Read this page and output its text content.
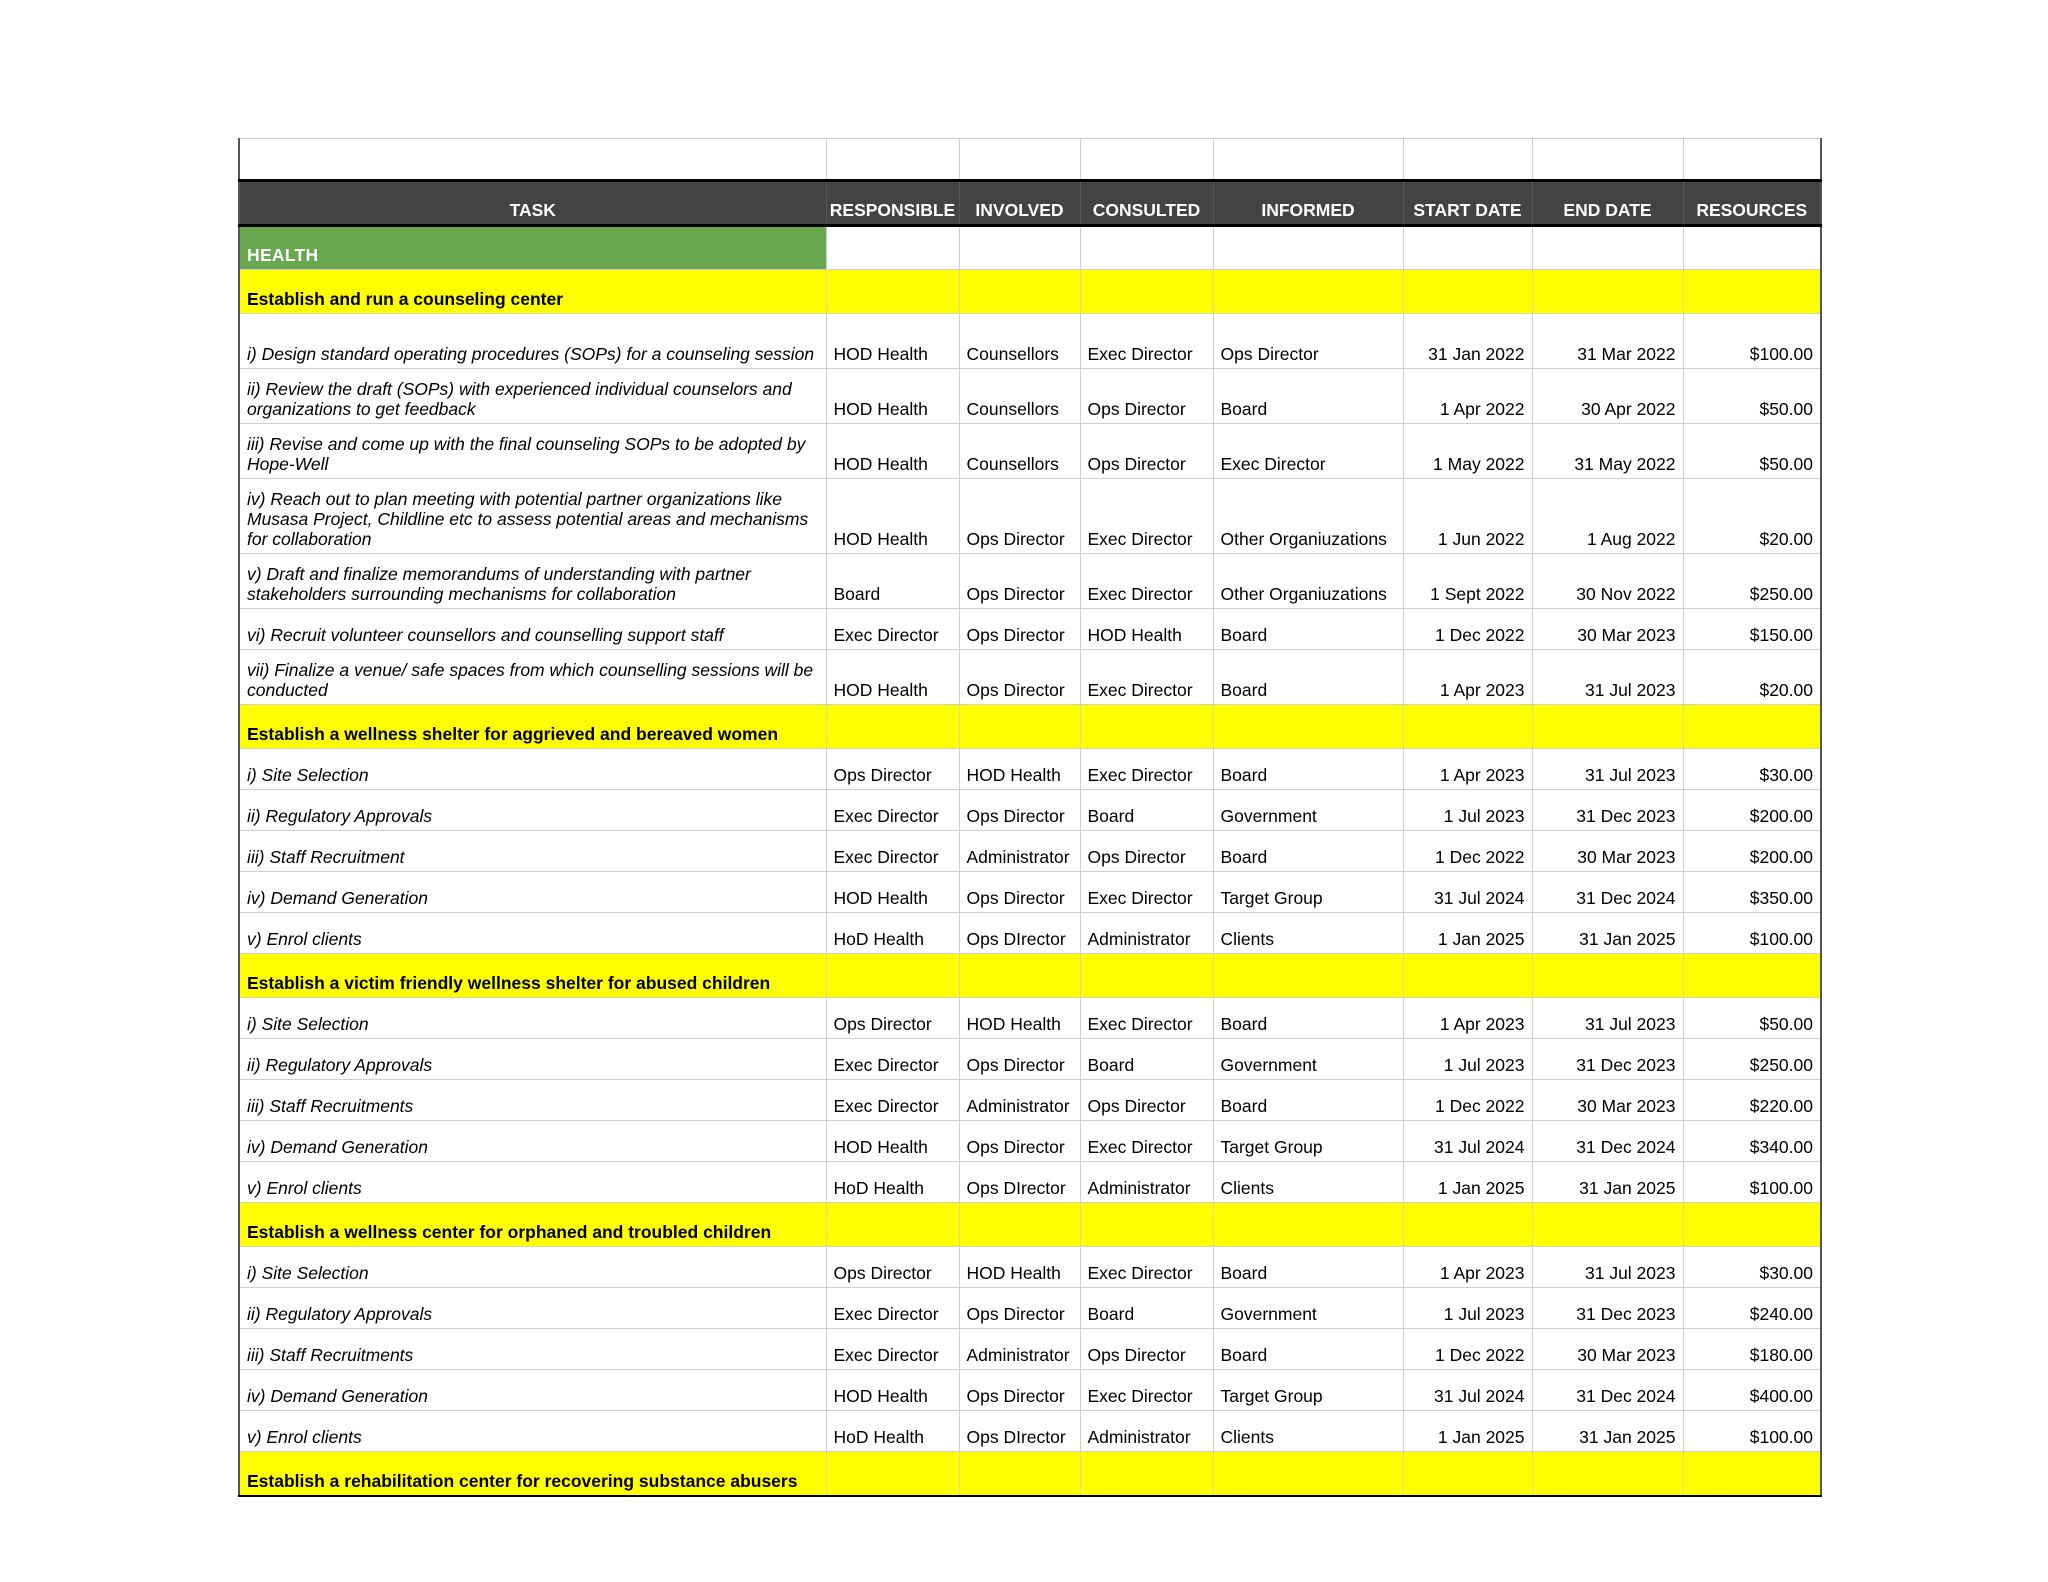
TASK	RESPONSIBLE	INVOLVED	CONSULTED	INFORMED	START DATE	END DATE	RESOURCES
HEALTH							
Establish and run a counseling center							
i) Design standard operating procedures (SOPs) for a counseling session	HOD Health	Counsellors	Exec Director	Ops Director	31 Jan 2022	31 Mar 2022	$100.00
ii) Review the draft (SOPs) with experienced individual counselors and organizations to get feedback	HOD Health	Counsellors	Ops Director	Board	1 Apr 2022	30 Apr 2022	$50.00
iii) Revise and come up with the final counseling SOPs to be adopted by Hope-Well	HOD Health	Counsellors	Ops Director	Exec Director	1 May 2022	31 May 2022	$50.00
iv) Reach out to plan meeting with potential partner organizations like Musasa Project, Childline etc to assess potential areas and mechanisms for collaboration	HOD Health	Ops Director	Exec Director	Other Organiuzations	1 Jun 2022	1 Aug 2022	$20.00
v) Draft and finalize memorandums of understanding with partner stakeholders surrounding mechanisms for collaboration	Board	Ops Director	Exec Director	Other Organiuzations	1 Sept 2022	30 Nov 2022	$250.00
vi) Recruit volunteer counsellors and counselling support staff	Exec Director	Ops Director	HOD Health	Board	1 Dec 2022	30 Mar 2023	$150.00
vii) Finalize a venue/ safe spaces from which counselling sessions will be conducted	HOD Health	Ops Director	Exec Director	Board	1 Apr 2023	31 Jul 2023	$20.00
Establish a wellness shelter for aggrieved and bereaved women							
i) Site Selection	Ops Director	HOD Health	Exec Director	Board	1 Apr 2023	31 Jul 2023	$30.00
ii) Regulatory Approvals	Exec Director	Ops Director	Board	Government	1 Jul 2023	31 Dec 2023	$200.00
iii) Staff Recruitment	Exec Director	Administrator	Ops Director	Board	1 Dec 2022	30 Mar 2023	$200.00
iv) Demand Generation	HOD Health	Ops Director	Exec Director	Target Group	31 Jul 2024	31 Dec 2024	$350.00
v) Enrol clients	HoD Health	Ops DIrector	Administrator	Clients	1 Jan 2025	31 Jan 2025	$100.00
Establish a victim friendly wellness shelter for abused children							
i) Site Selection	Ops Director	HOD Health	Exec Director	Board	1 Apr 2023	31 Jul 2023	$50.00
ii) Regulatory Approvals	Exec Director	Ops Director	Board	Government	1 Jul 2023	31 Dec 2023	$250.00
iii) Staff Recruitments	Exec Director	Administrator	Ops Director	Board	1 Dec 2022	30 Mar 2023	$220.00
iv) Demand Generation	HOD Health	Ops Director	Exec Director	Target Group	31 Jul 2024	31 Dec 2024	$340.00
v) Enrol clients	HoD Health	Ops DIrector	Administrator	Clients	1 Jan 2025	31 Jan 2025	$100.00
Establish a wellness center for orphaned and troubled children							
i) Site Selection	Ops Director	HOD Health	Exec Director	Board	1 Apr 2023	31 Jul 2023	$30.00
ii) Regulatory Approvals	Exec Director	Ops Director	Board	Government	1 Jul 2023	31 Dec 2023	$240.00
iii) Staff Recruitments	Exec Director	Administrator	Ops Director	Board	1 Dec 2022	30 Mar 2023	$180.00
iv) Demand Generation	HOD Health	Ops Director	Exec Director	Target Group	31 Jul 2024	31 Dec 2024	$400.00
v) Enrol clients	HoD Health	Ops DIrector	Administrator	Clients	1 Jan 2025	31 Jan 2025	$100.00
Establish a rehabilitation center for recovering substance abusers							
